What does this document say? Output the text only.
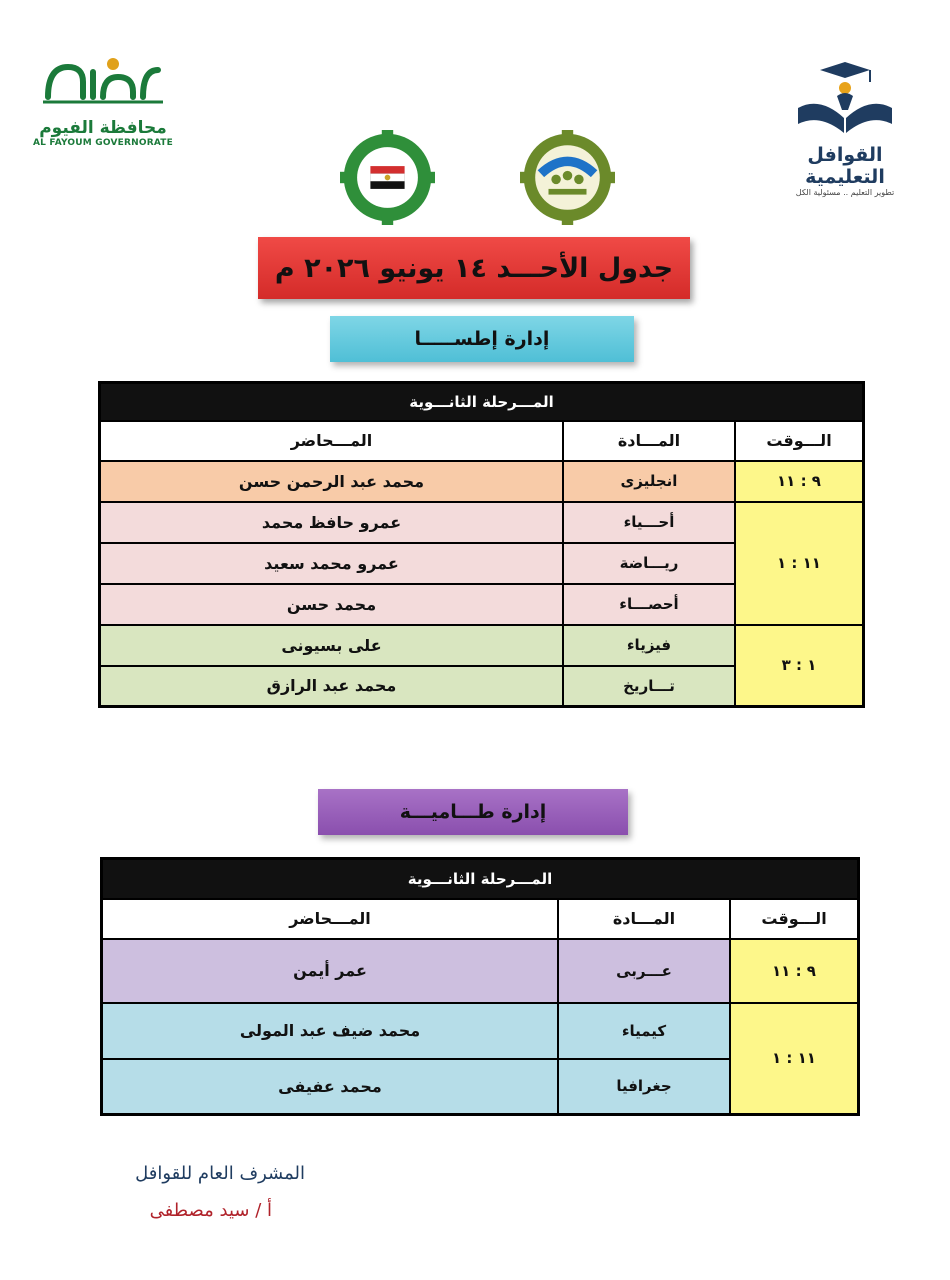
محافظة الفيوم
AL FAYOUM GOVERNORATE
القوافل التعليمية
تطوير التعليم .. مسئولية الكل
جدول الأحـــد ١٤ يونيو ٢٠٢٦ م
إدارة إطســـــا
المـــرحلة الثانـــوية		
الـــوقت	المـــادة	المـــحاضر
٩ : ١١	انجليزى	محمد عبد الرحمن حسن
١١ : ١	أحـــياء	عمرو حافظ محمد
	ريـــاضة	عمرو محمد سعيد
	أحصـــاء	محمد حسن
١ : ٣	فيزياء	على بسيونى
	تـــاريخ	محمد عبد الرازق
إدارة طـــاميـــة
المـــرحلة الثانـــوية		
الـــوقت	المـــادة	المـــحاضر
٩ : ١١	عـــربى	عمر أيمن
١١ : ١	كيمياء	محمد ضيف عبد المولى
	جغرافيا	محمد عفيفى
المشرف العام للقوافل
أ / سيد مصطفى
